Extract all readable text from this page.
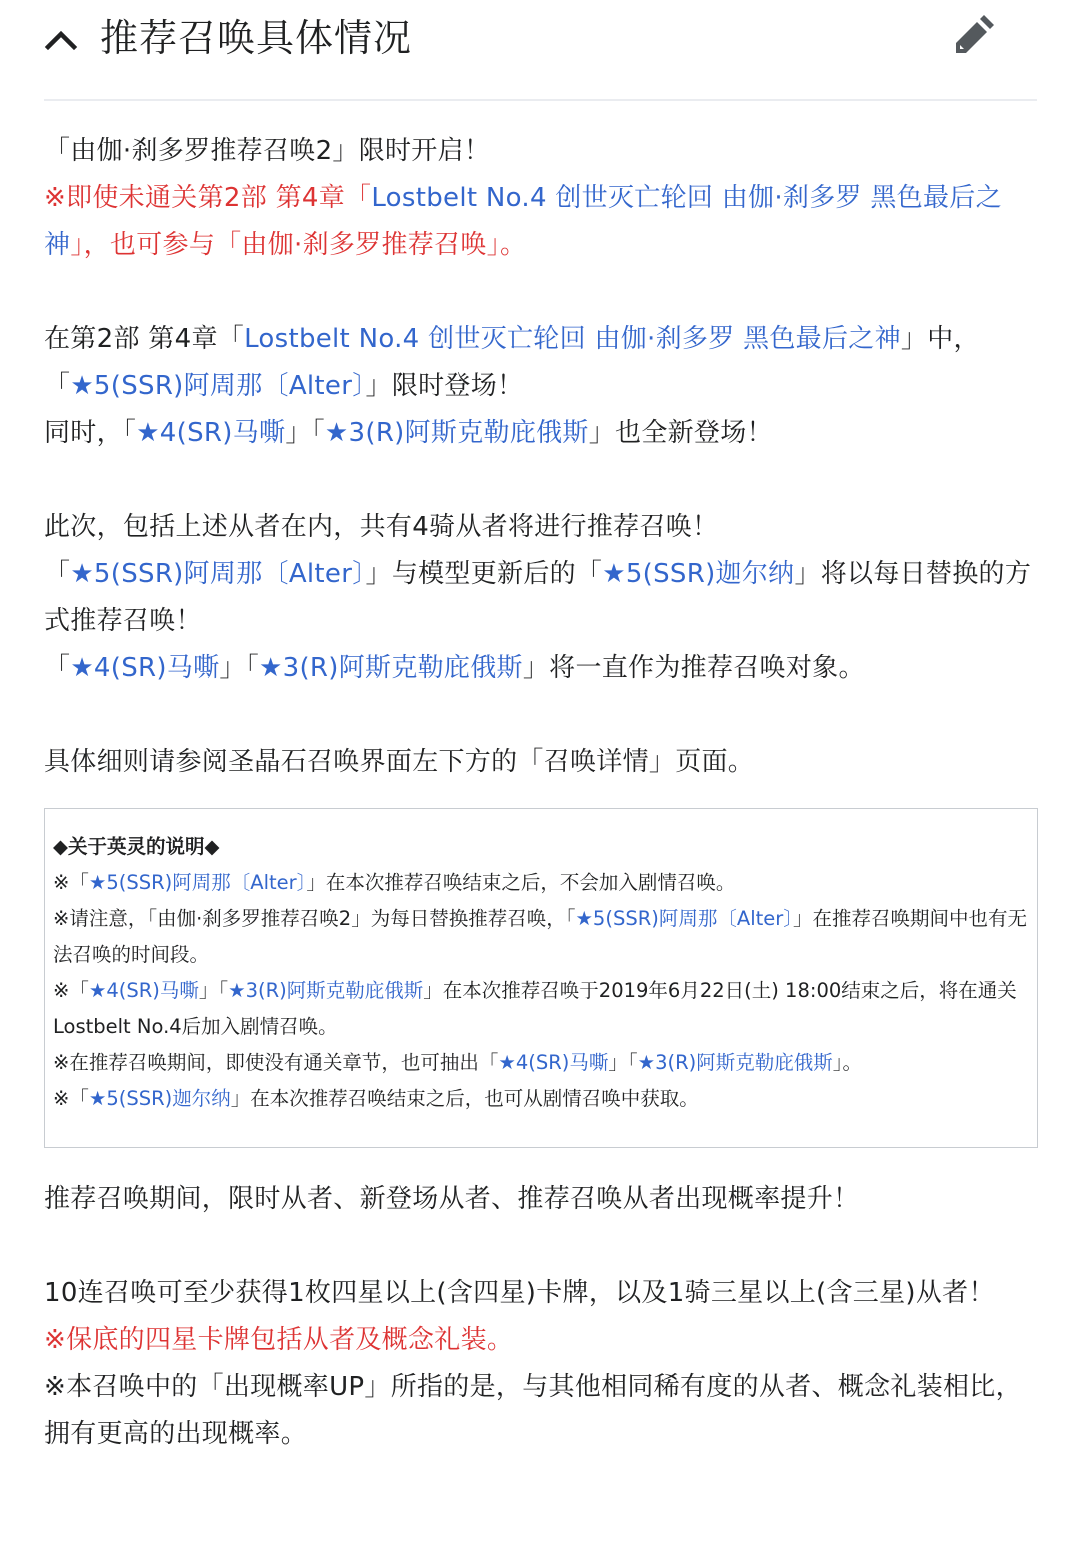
推荐召唤具体情况

「由伽·刹多罗推荐召唤2」限时开启！

※即使未通关第2部 第4章「Lostbelt No.4 创世灭亡轮回 由伽·刹多罗 黑色最后之神」，也可参与「由伽·刹多罗推荐召唤」。

在第2部 第4章「Lostbelt No.4 创世灭亡轮回 由伽·刹多罗 黑色最后之神」中，

「★5(SSR)阿周那〔Alter〕」限时登场！

同时，「★4(SR)马嘶」「★3(R)阿斯克勒庇俄斯」也全新登场！

此次，包括上述从者在内，共有4骑从者将进行推荐召唤！

「★5(SSR)阿周那〔Alter〕」与模型更新后的「★5(SSR)迦尔纳」将以每日替换的方式推荐召唤！

「★4(SR)马嘶」「★3(R)阿斯克勒庇俄斯」将一直作为推荐召唤对象。

具体细则请参阅圣晶石召唤界面左下方的「召唤详情」页面。

◆关于英灵的说明◆

※「★5(SSR)阿周那〔Alter〕」在本次推荐召唤结束之后，不会加入剧情召唤。

※请注意，「由伽·刹多罗推荐召唤2」为每日替换推荐召唤，「★5(SSR)阿周那〔Alter〕」在推荐召唤期间中也有无法召唤的时间段。

※「★4(SR)马嘶」「★3(R)阿斯克勒庇俄斯」在本次推荐召唤于2019年6月22日(土) 18:00结束之后，将在通关Lostbelt No.4后加入剧情召唤。

※在推荐召唤期间，即使没有通关章节，也可抽出「★4(SR)马嘶」「★3(R)阿斯克勒庇俄斯」。

※「★5(SSR)迦尔纳」在本次推荐召唤结束之后，也可从剧情召唤中获取。

推荐召唤期间，限时从者、新登场从者、推荐召唤从者出现概率提升！

10连召唤可至少获得1枚四星以上(含四星)卡牌，以及1骑三星以上(含三星)从者！

※保底的四星卡牌包括从者及概念礼装。

※本召唤中的「出现概率UP」所指的是，与其他相同稀有度的从者、概念礼装相比，拥有更高的出现概率。
